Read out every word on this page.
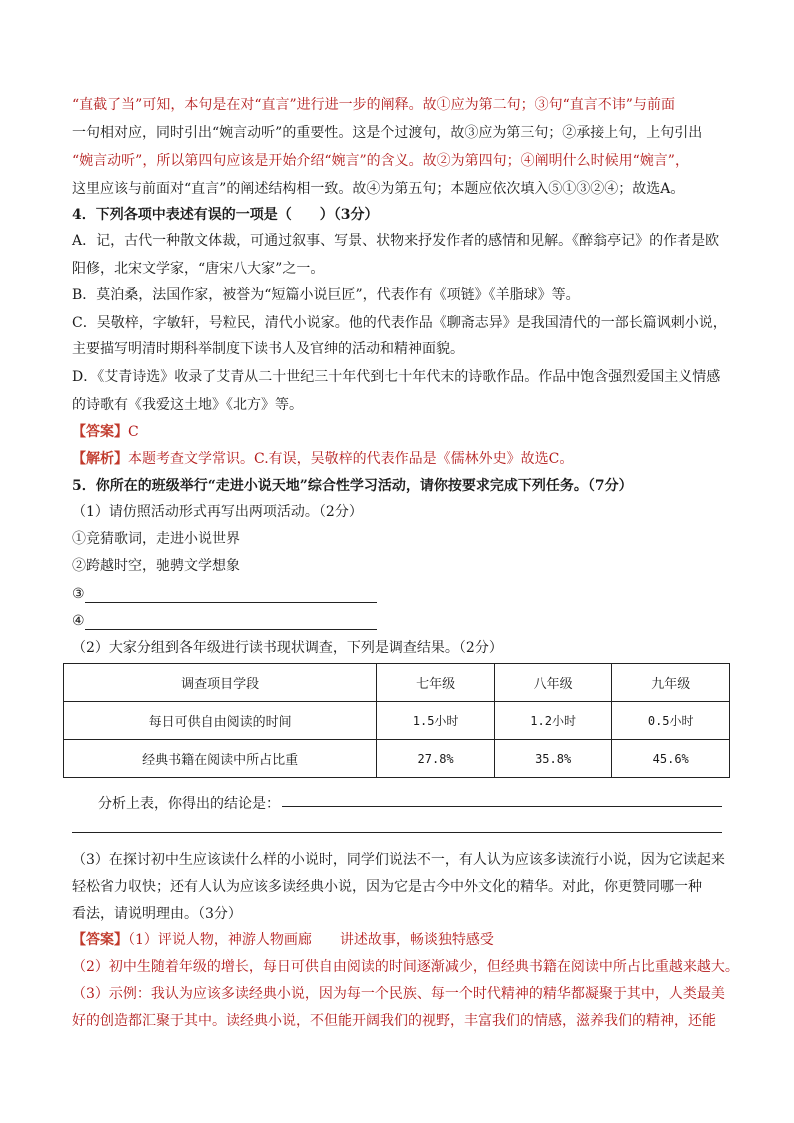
“直截了当”可知，本句是在对“直言”进行进一步的阐释。故①应为第二句；③句“直言不讳”与前面
一句相对应，同时引出“婉言动听”的重要性。这是个过渡句，故③应为第三句；②承接上句，上句引出
“婉言动听”，所以第四句应该是开始介绍“婉言”的含义。故②为第四句；④阐明什么时候用“婉言”，
这里应该与前面对“直言”的阐述结构相一致。故④为第五句；本题应依次填入⑤①③②④；故选A。
4．下列各项中表述有误的一项是（　　）（3分）
A．记，古代一种散文体裁，可通过叙事、写景、状物来抒发作者的感情和见解。《醉翁亭记》的作者是欧
阳修，北宋文学家，“唐宋八大家”之一。
B．莫泊桑，法国作家，被誉为“短篇小说巨匠”，代表作有《项链》《羊脂球》等。
C．吴敬梓，字敏轩，号粒民，清代小说家。他的代表作品《聊斋志异》是我国清代的一部长篇讽刺小说，
主要描写明清时期科举制度下读书人及官绅的活动和精神面貌。
D．《艾青诗选》收录了艾青从二十世纪三十年代到七十年代末的诗歌作品。作品中饱含强烈爱国主义情感
的诗歌有《我爱这土地》《北方》等。
【答案】C
【解析】本题考查文学常识。C.有误，吴敬梓的代表作品是《儒林外史》故选C。
5．你所在的班级举行“走进小说天地”综合性学习活动，请你按要求完成下列任务。（7分）
（1）请仿照活动形式再写出两项活动。（2分）
①竞猜歌词，走进小说世界
②跨越时空，驰骋文学想象
③
④
（2）大家分组到各年级进行读书现状调查，下列是调查结果。（2分）
调查项目学段	七年级	八年级	九年级
每日可供自由阅读的时间	1.5小时	1.2小时	0.5小时
经典书籍在阅读中所占比重	27.8%	35.8%	45.6%
分析上表，你得出的结论是：
（3）在探讨初中生应该读什么样的小说时，同学们说法不一，有人认为应该多读流行小说，因为它读起来
轻松省力収快；还有人认为应该多读经典小说，因为它是古今中外文化的精华。对此，你更赞同哪一种
看法，请说明理由。（3分）
【答案】（1）评说人物，神游人物画廊　　讲述故事，畅谈独特感受
（2）初中生随着年级的增长，每日可供自由阅读的时间逐渐减少，但经典书籍在阅读中所占比重越来越大。
（3）示例：我认为应该多读经典小说，因为每一个民族、每一个时代精神的精华都凝聚于其中，人类最美
好的创造都汇聚于其中。读经典小说，不但能开阔我们的视野，丰富我们的情感，滋养我们的精神，还能
